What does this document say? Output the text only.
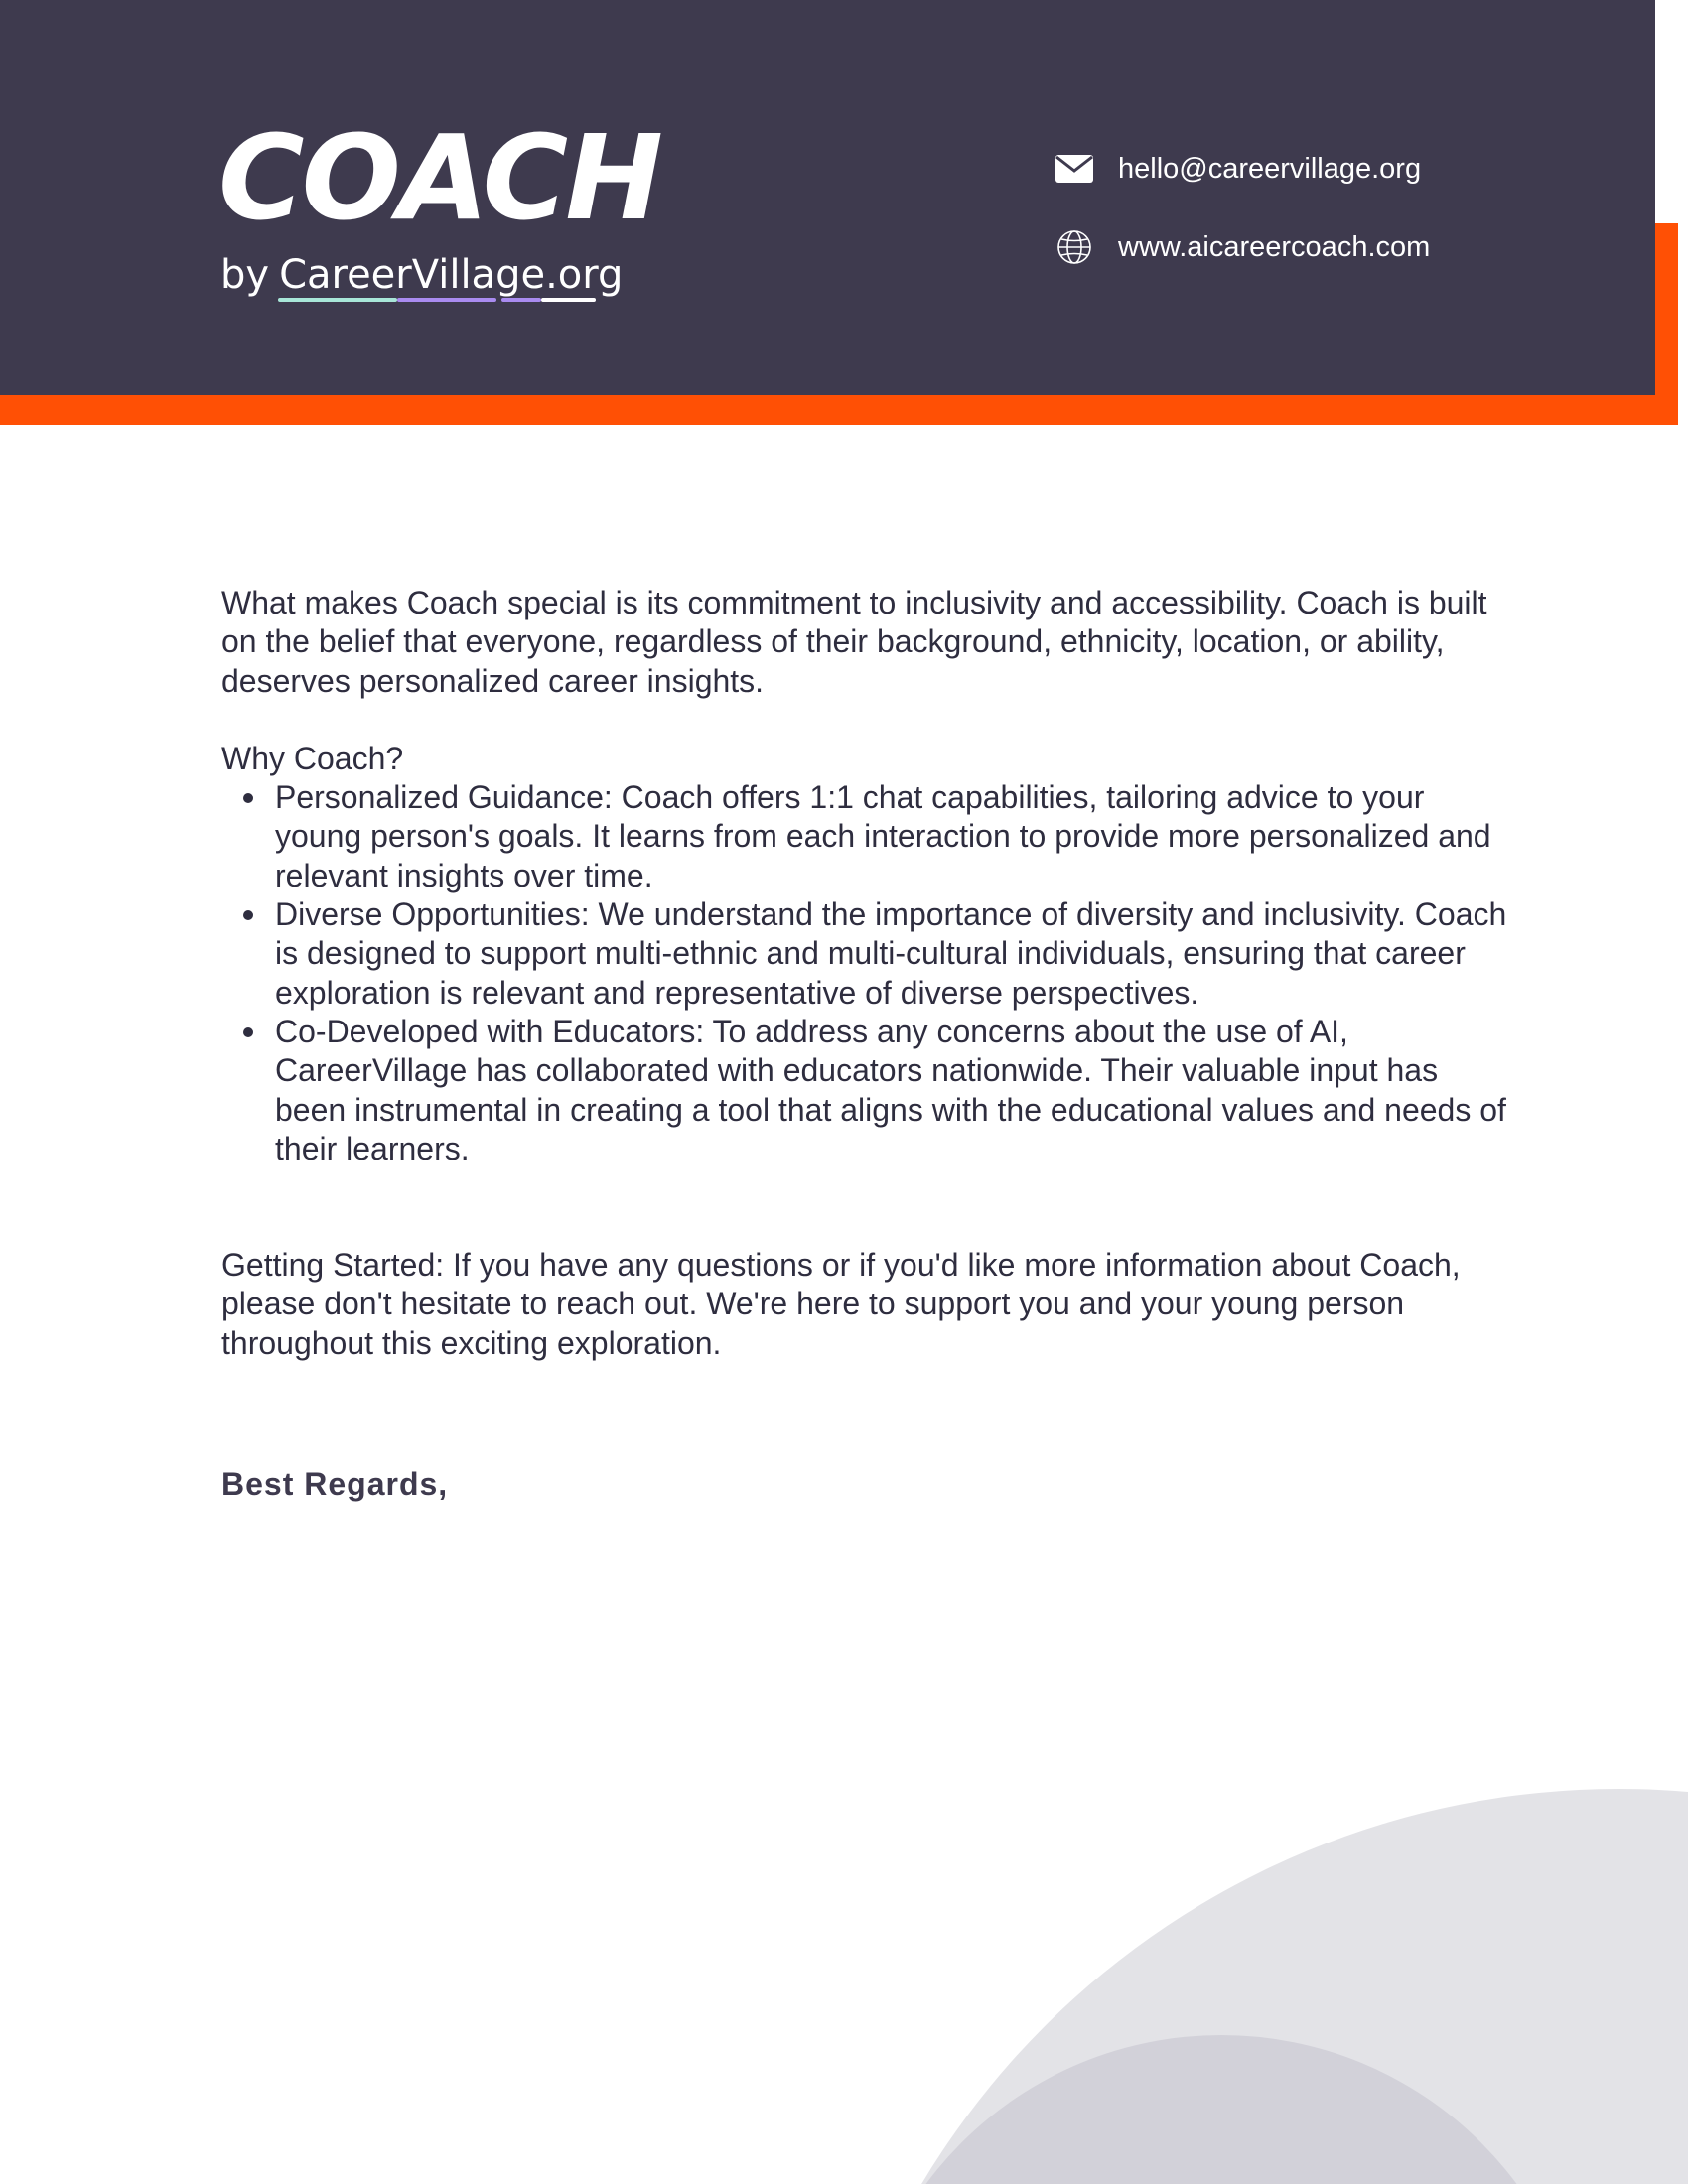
COACH
by CareerVillage.org
hello@careervillage.org
www.aicareercoach.com

What makes Coach special is its commitment to inclusivity and accessibility. Coach is built on the belief that everyone, regardless of their background, ethnicity, location, or ability, deserves personalized career insights.

Why Coach?

Personalized Guidance: Coach offers 1:1 chat capabilities, tailoring advice to your young person's goals. It learns from each interaction to provide more personalized and relevant insights over time.
Diverse Opportunities: We understand the importance of diversity and inclusivity. Coach is designed to support multi-ethnic and multi-cultural individuals, ensuring that career exploration is relevant and representative of diverse perspectives.
Co-Developed with Educators: To address any concerns about the use of AI, CareerVillage has collaborated with educators nationwide. Their valuable input has been instrumental in creating a tool that aligns with the educational values and needs of their learners.

Getting Started: If you have any questions or if you'd like more information about Coach, please don't hesitate to reach out. We're here to support you and your young person throughout this exciting exploration.

Best Regards,
